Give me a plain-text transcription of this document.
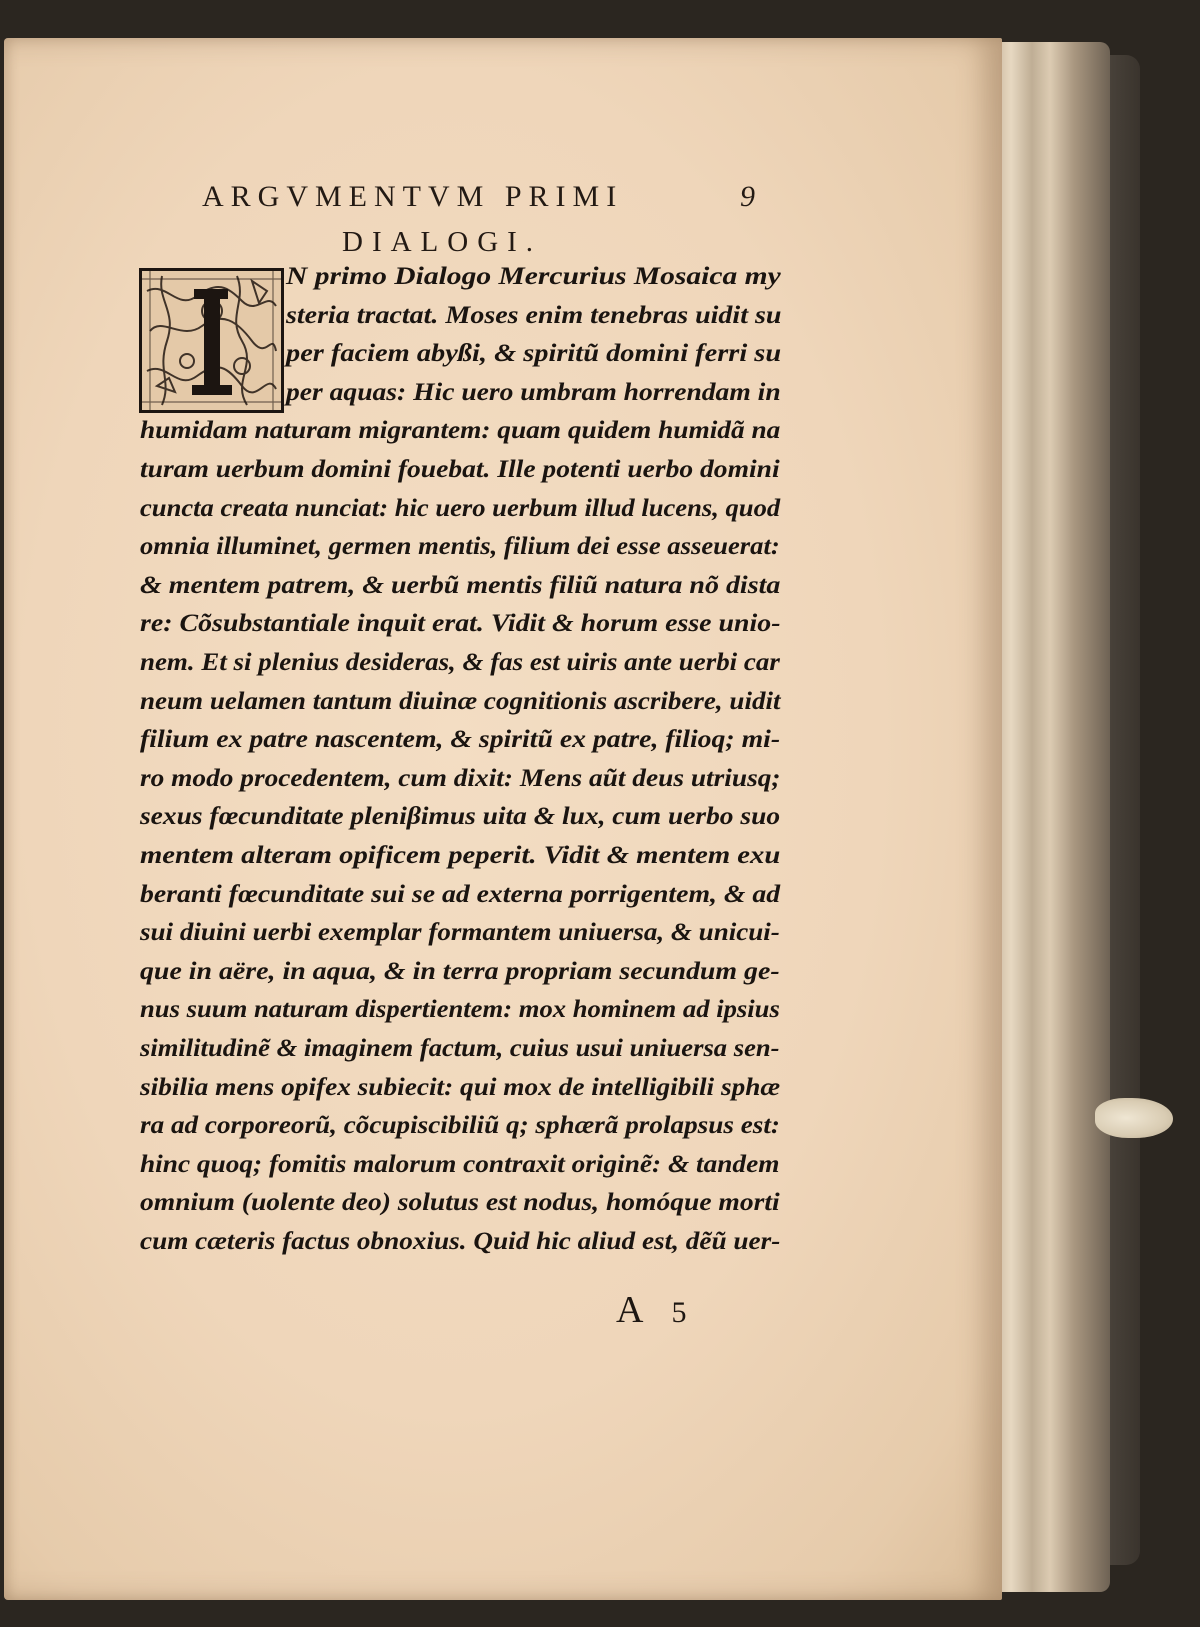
ARGVMENTVM PRIMI	9
DIALOGI.
N primo Dialogo Mercurius Mosaica my
steria tractat. Moses enim tenebras uidit su
per faciem abyßi, & spiritũ domini ferri su
per aquas: Hic uero umbram horrendam in
humidam naturam migrantem: quam quidem humidã na
turam uerbum domini fouebat. Ille potenti uerbo domini
cuncta creata nunciat: hic uero uerbum illud lucens, quod
omnia illuminet, germen mentis, filium dei esse asseuerat:
& mentem patrem, & uerbũ mentis filiũ natura nõ dista
re: Cõsubstantiale inquit erat. Vidit & horum esse unio-
nem. Et si plenius desideras, & fas est uiris ante uerbi car
neum uelamen tantum diuinæ cognitionis ascribere, uidit
filium ex patre nascentem, & spiritũ ex patre, filioq; mi-
ro modo procedentem, cum dixit: Mens aũt deus utriusq;
sexus fœcunditate pleniβimus uita & lux, cum uerbo suo
mentem alteram opificem peperit. Vidit & mentem exu
beranti fœcunditate sui se ad externa porrigentem, & ad
sui diuini uerbi exemplar formantem uniuersa, & unicui-
que in aëre, in aqua, & in terra propriam secundum ge-
nus suum naturam dispertientem: mox hominem ad ipsius
similitudinẽ & imaginem factum, cuius usui uniuersa sen-
sibilia mens opifex subiecit: qui mox de intelligibili sphæ
ra ad corporeorũ, cõcupiscibiliũ q; sphærã prolapsus est:
hinc quoq; fomitis malorum contraxit originẽ: & tandem
omnium (uolente deo) solutus est nodus, homóque morti
cum cæteris factus obnoxius. Quid hic aliud est, dẽũ uer-
A 5
